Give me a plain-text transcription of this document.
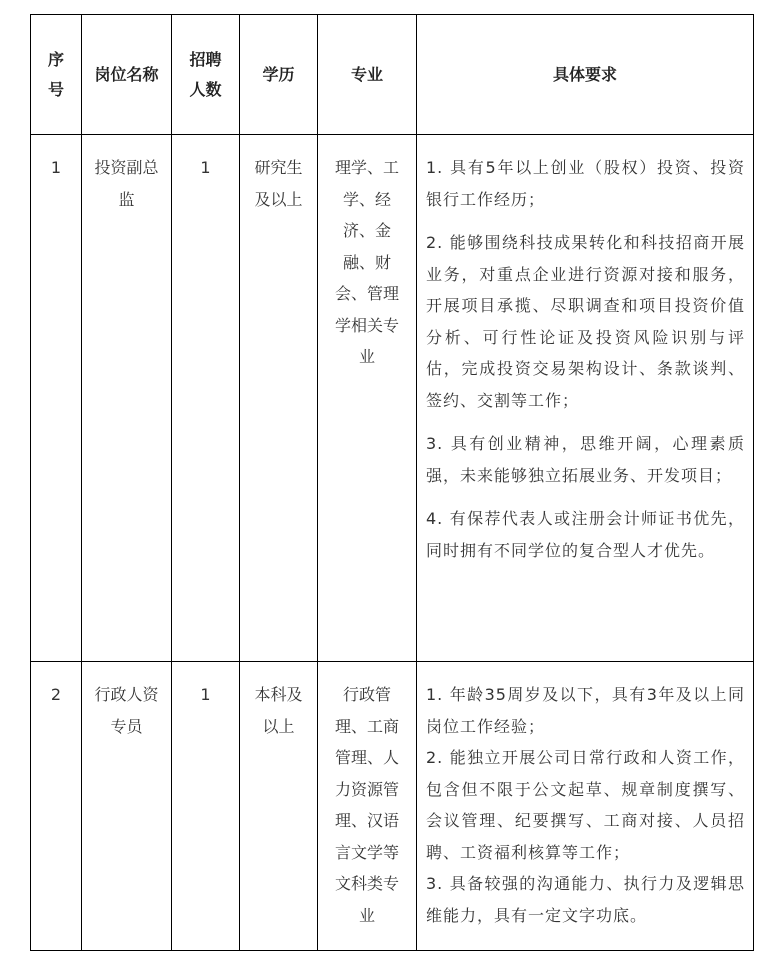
序号	岗位名称	招聘人数	学历	专业	具体要求

1	投资副总监	1	研究生及以上	理学、工学、经济、金融、财会、管理学相关专业	1. 具有5年以上创业（股权）投资、投资银行工作经历；
2. 能够围绕科技成果转化和科技招商开展业务，对重点企业进行资源对接和服务，开展项目承揽、尽职调查和项目投资价值分析、可行性论证及投资风险识别与评估，完成投资交易架构设计、条款谈判、签约、交割等工作；
3. 具有创业精神，思维开阔，心理素质强，未来能够独立拓展业务、开发项目；
4. 有保荐代表人或注册会计师证书优先，同时拥有不同学位的复合型人才优先。

2	行政人资专员	1	本科及以上	行政管理、工商管理、人力资源管理、汉语言文学等文科类专业	1. 年龄35周岁及以下，具有3年及以上同岗位工作经验；
2. 能独立开展公司日常行政和人资工作，包含但不限于公文起草、规章制度撰写、会议管理、纪要撰写、工商对接、人员招聘、工资福利核算等工作；
3. 具备较强的沟通能力、执行力及逻辑思维能力，具有一定文字功底。
